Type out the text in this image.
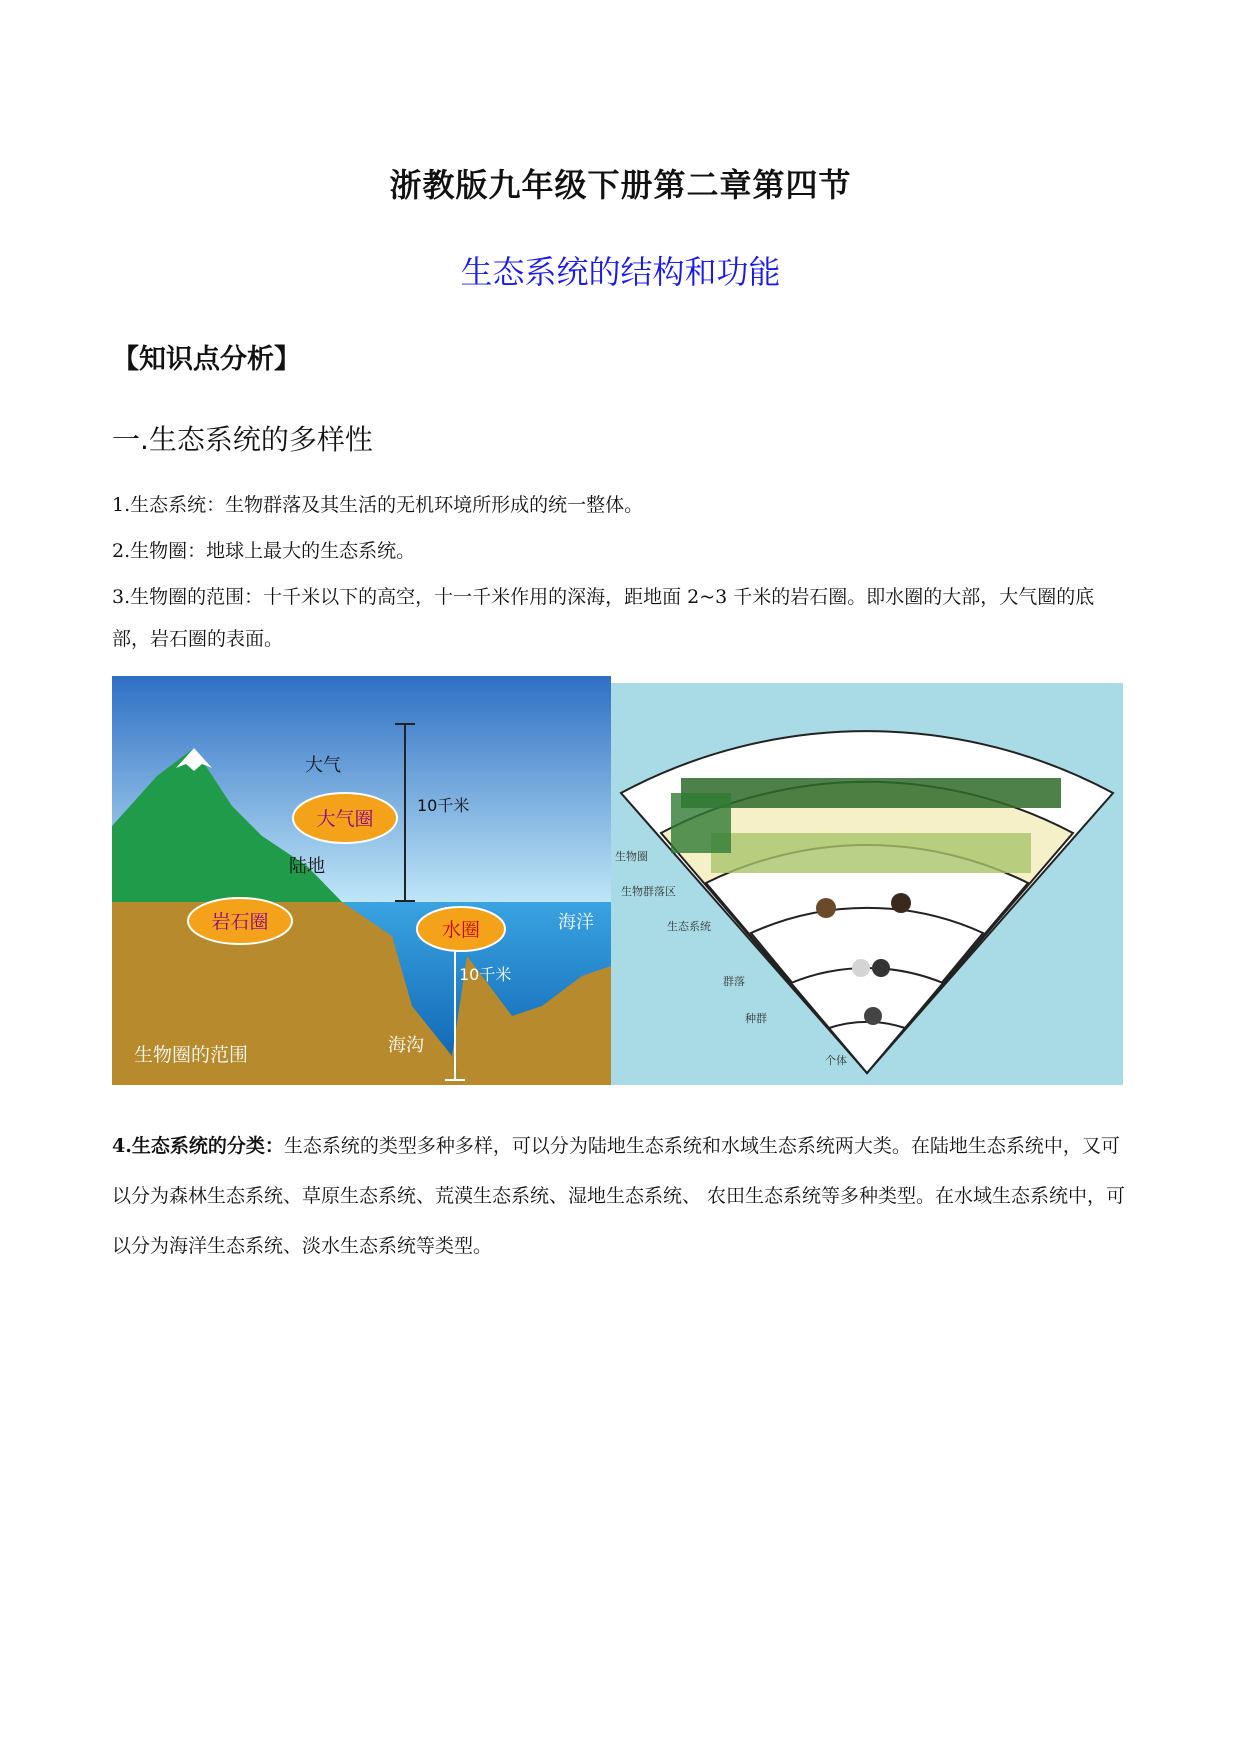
浙教版九年级下册第二章第四节
生态系统的结构和功能
【知识点分析】
一.生态系统的多样性
1.生态系统：生物群落及其生活的无机环境所形成的统一整体。
2.生物圈：地球上最大的生态系统。
3.生物圈的范围：十千米以下的高空，十一千米作用的深海，距地面 2~3 千米的岩石圈。即水圈的大部，大气圈的底部，岩石圈的表面。
大气
大气圈
10千米
陆地
岩石圈	水圈	海洋
10千米
海沟
生物圈的范围
生物圈
生物群落区
生态系统
群落
种群
个体
4.生态系统的分类：生态系统的类型多种多样，可以分为陆地生态系统和水域生态系统两大类。在陆地生态系统中，又可以分为森林生态系统、草原生态系统、荒漠生态系统、湿地生态系统、 农田生态系统等多种类型。在水域生态系统中，可以分为海洋生态系统、淡水生态系统等类型。
